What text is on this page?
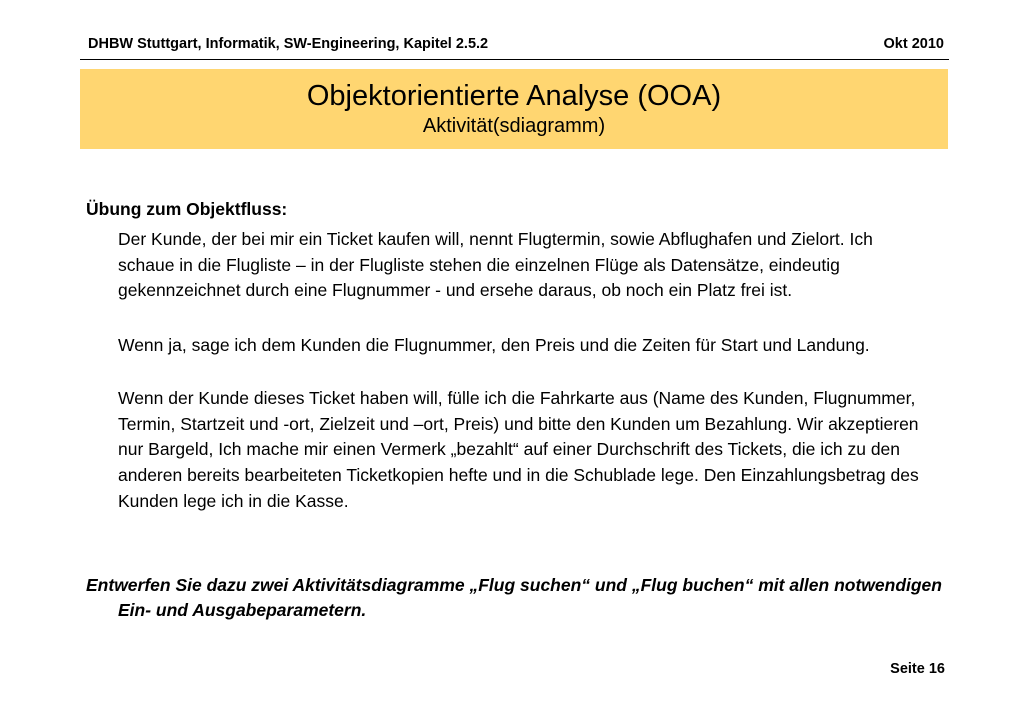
DHBW Stuttgart, Informatik, SW-Engineering, Kapitel 2.5.2	Okt 2010
Objektorientierte Analyse (OOA)
Aktivität(sdiagramm)
Übung zum Objektfluss:
Der Kunde, der bei mir ein Ticket kaufen will, nennt Flugtermin, sowie Abflughafen und Zielort. Ich schaue in die Flugliste – in der Flugliste stehen die einzelnen Flüge als Datensätze, eindeutig gekennzeichnet durch eine Flugnummer - und ersehe daraus, ob noch ein Platz frei ist.
Wenn ja, sage ich dem Kunden die Flugnummer, den Preis und die Zeiten für Start und Landung.
Wenn der Kunde dieses Ticket haben will, fülle ich die Fahrkarte aus (Name des Kunden, Flugnummer, Termin, Startzeit und -ort, Zielzeit und –ort, Preis) und bitte den Kunden um Bezahlung. Wir akzeptieren nur Bargeld, Ich mache mir einen Vermerk „bezahlt“ auf einer Durchschrift des Tickets, die ich zu den anderen bereits bearbeiteten Ticketkopien hefte und in die Schublade lege. Den Einzahlungsbetrag des Kunden lege ich in die Kasse.
Entwerfen Sie dazu zwei Aktivitätsdiagramme „Flug suchen“ und „Flug buchen“ mit allen notwendigen Ein- und Ausgabeparametern.
Seite 16
